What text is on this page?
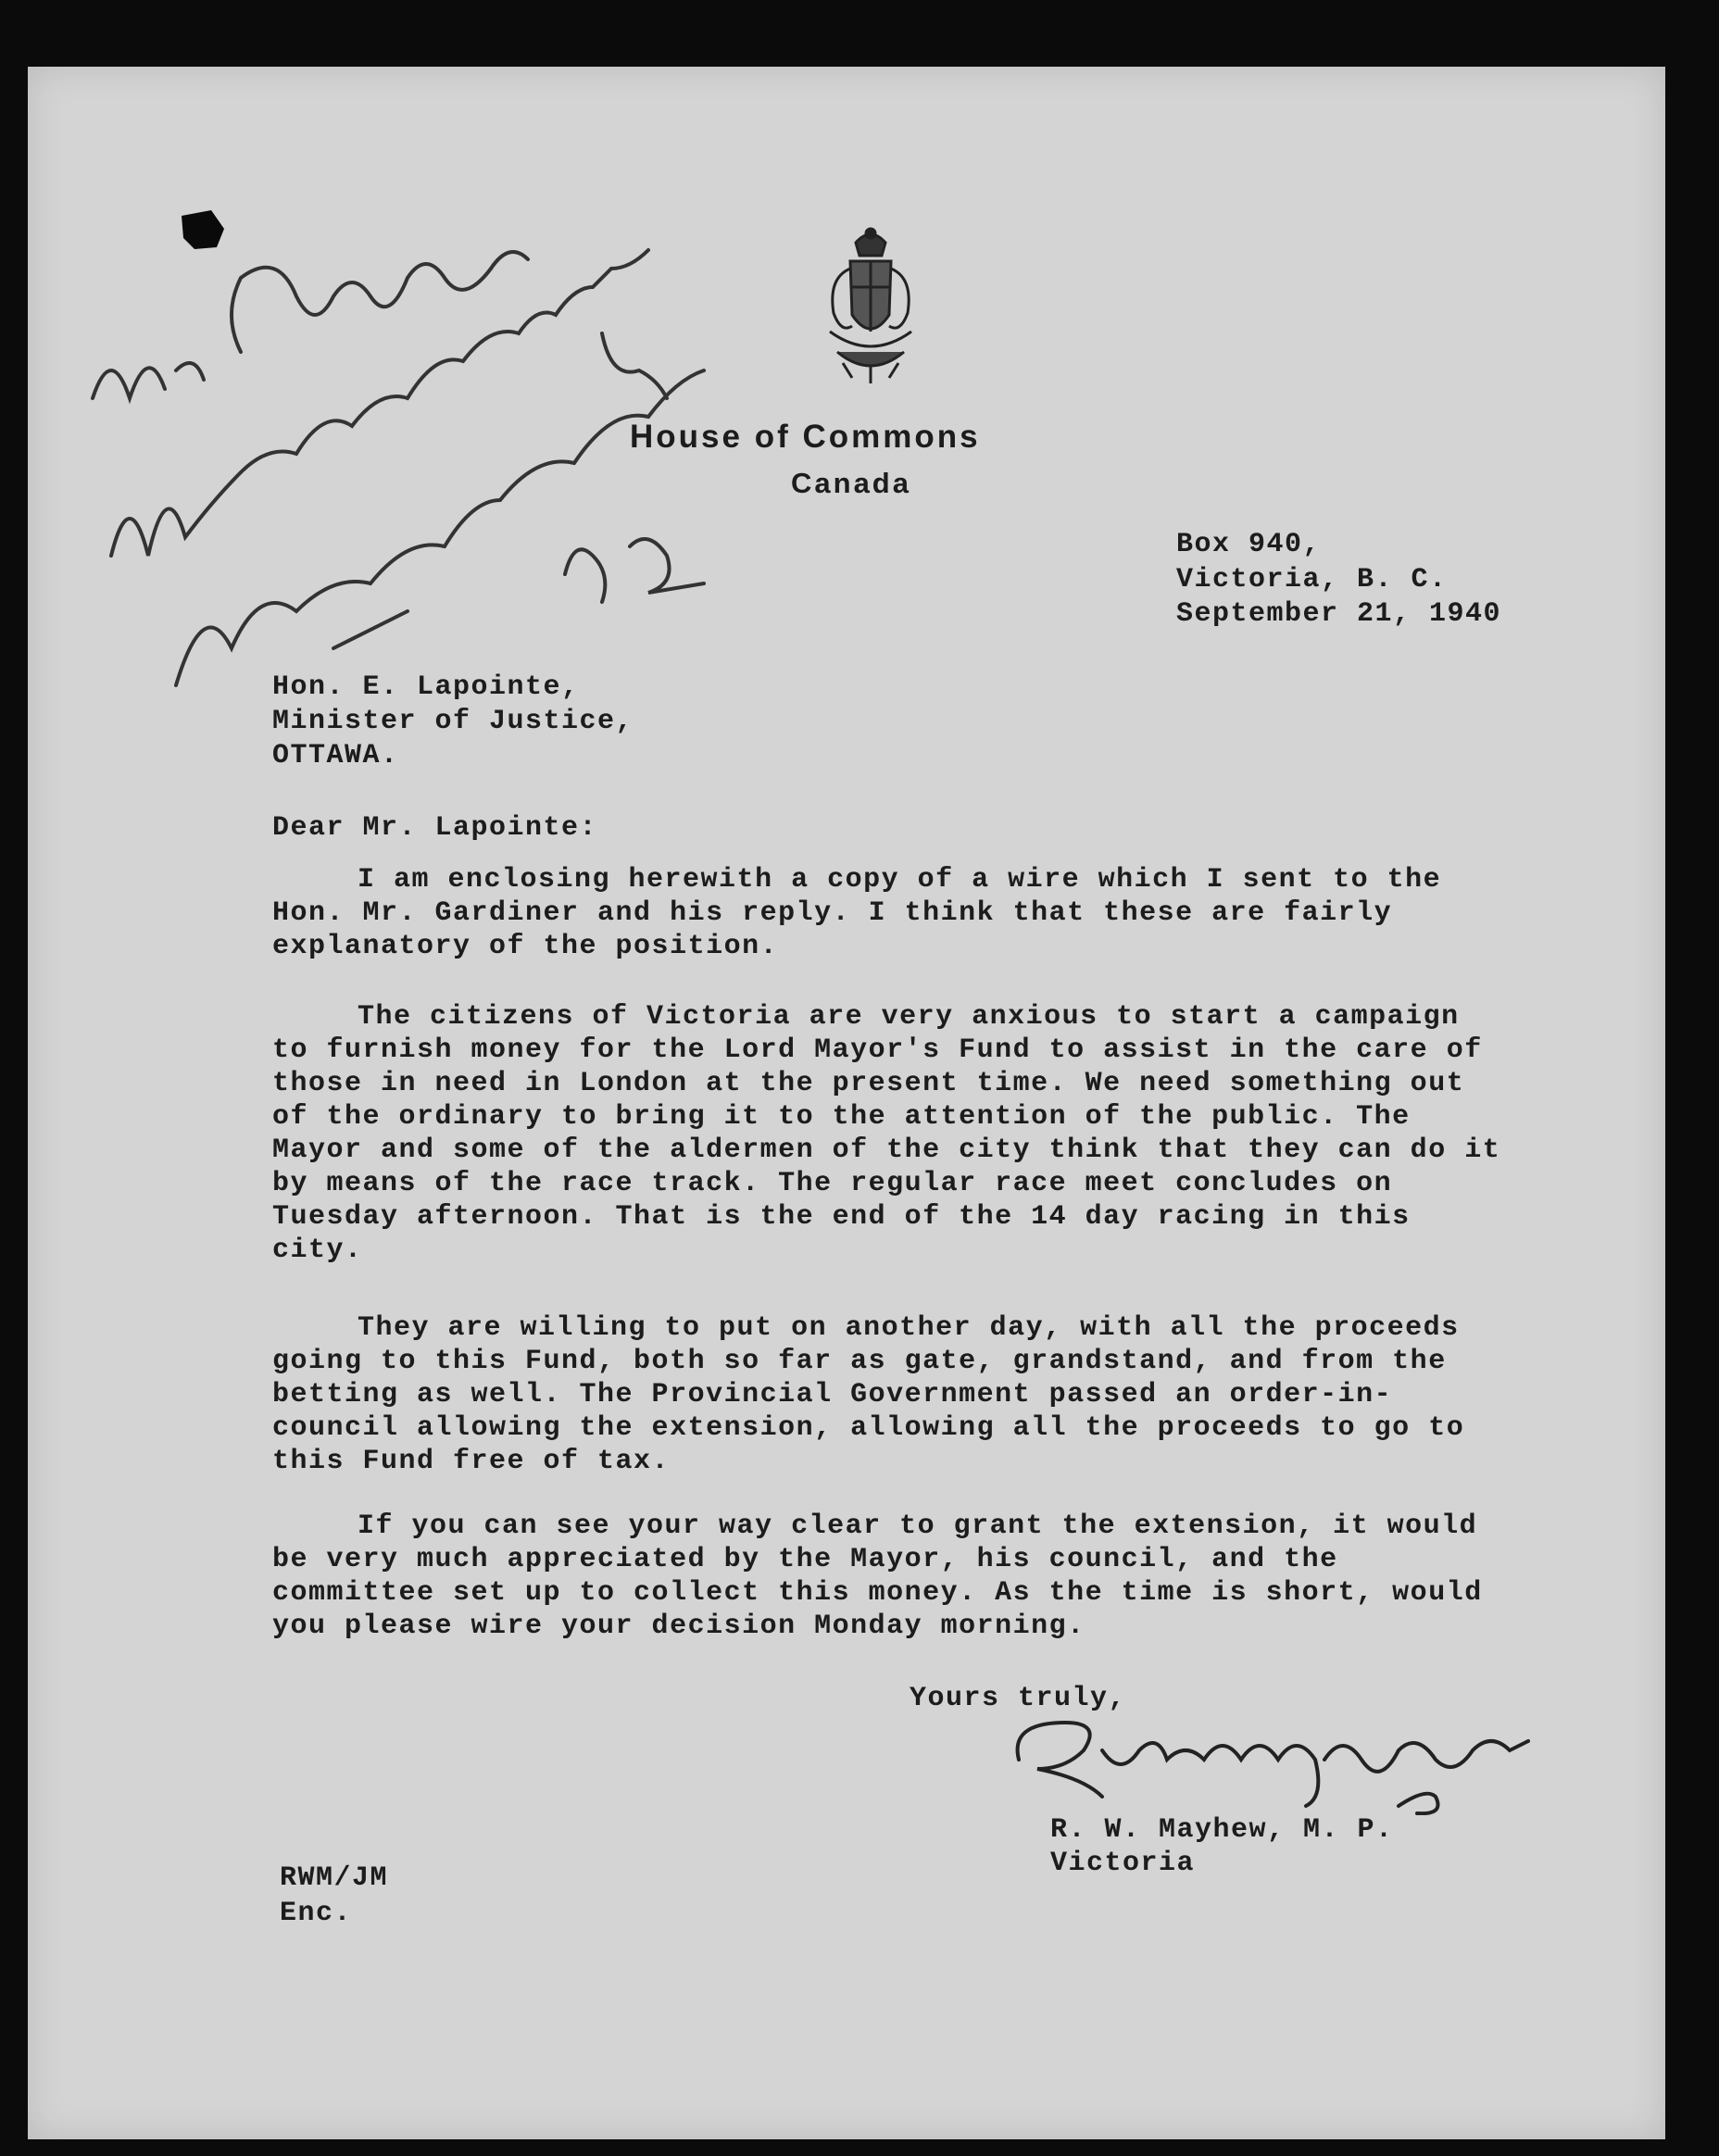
House of Commons
Canada

Box 940,

Victoria, B. C.

September 21, 1940

Hon. E. Lapointe,

Minister of Justice,

OTTAWA.

Dear Mr. Lapointe:

I am enclosing herewith a copy of a wire which I sent to the Hon. Mr. Gardiner and his reply. I think that these are fairly explanatory of the position.

The citizens of Victoria are very anxious to start a campaign to furnish money for the Lord Mayor's Fund to assist in the care of those in need in London at the present time. We need something out of the ordinary to bring it to the attention of the public. The Mayor and some of the aldermen of the city think that they can do it by means of the race track. The regular race meet concludes on Tuesday afternoon. That is the end of the 14 day racing in this city.

They are willing to put on another day, with all the proceeds going to this Fund, both so far as gate, grandstand, and from the betting as well. The Provincial Government passed an order-in-council allowing the extension, allowing all the proceeds to go to this Fund free of tax.

If you can see your way clear to grant the extension, it would be very much appreciated by the Mayor, his council, and the committee set up to collect this money. As the time is short, would you please wire your decision Monday morning.

Yours truly,

R. W. Mayhew, M. P.

Victoria

RWM/JM

Enc.
